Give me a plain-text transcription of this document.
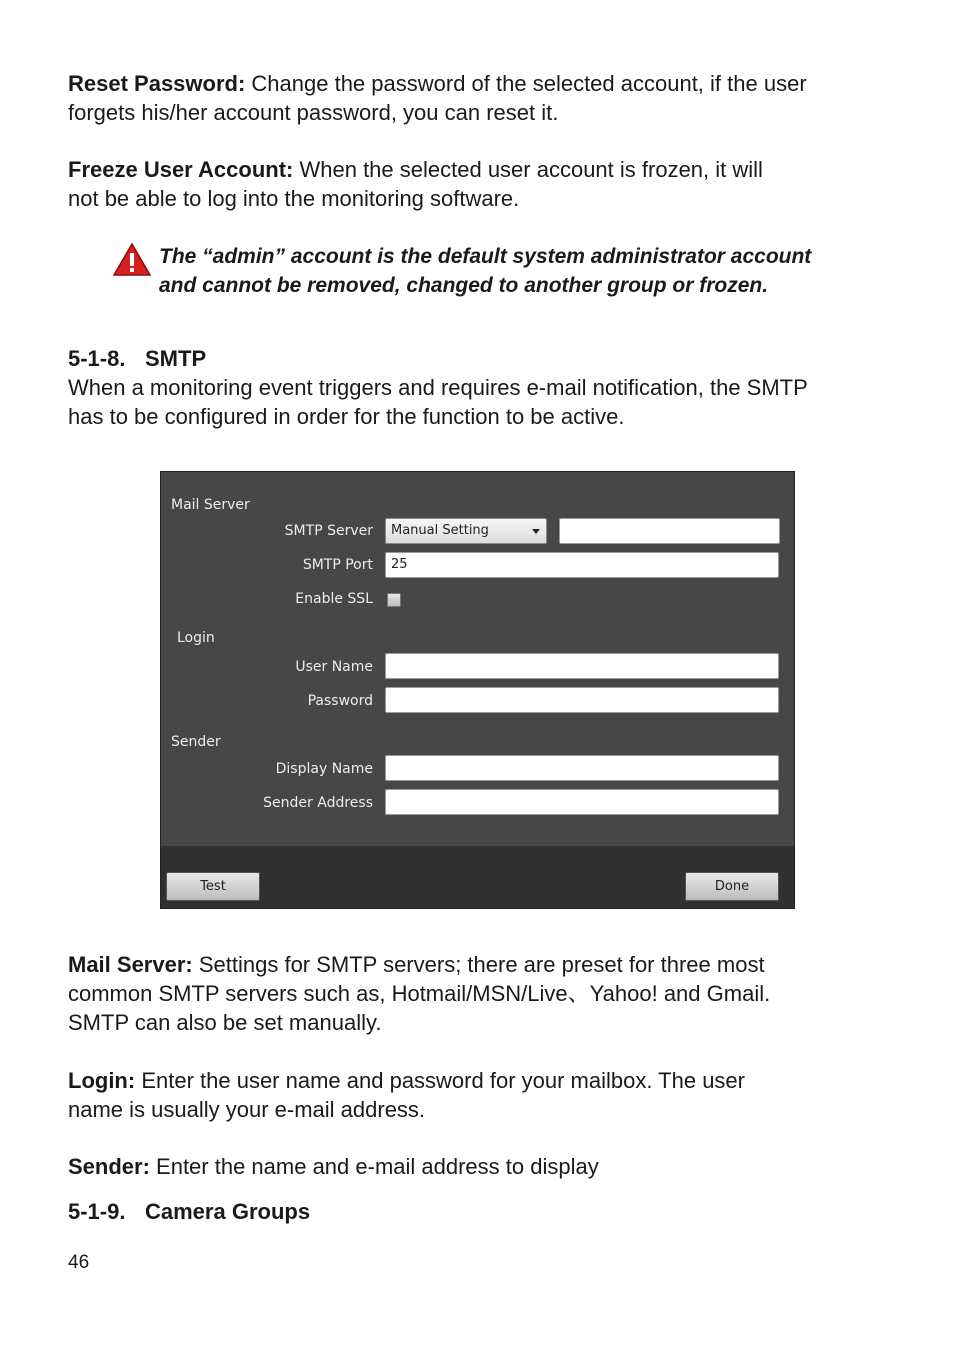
Reset Password: Change the password of the selected account, if the user forgets his/her account password, you can reset it.
Freeze User Account: When the selected user account is frozen, it will not be able to log into the monitoring software.
The “admin” account is the default system administrator account and cannot be removed, changed to another group or frozen.
5-1-8. SMTP
When a monitoring event triggers and requires e-mail notification, the SMTP has to be configured in order for the function to be active.
Mail Server
SMTP Server	Manual Setting
SMTP Port	25
Enable SSL
Login
User Name
Password
Sender
Display Name
Sender Address
Test	Done
Mail Server: Settings for SMTP servers; there are preset for three most common SMTP servers such as, Hotmail/MSN/Live、Yahoo! and Gmail. SMTP can also be set manually.
Login: Enter the user name and password for your mailbox. The user name is usually your e-mail address.
Sender: Enter the name and e-mail address to display
5-1-9. Camera Groups
46
